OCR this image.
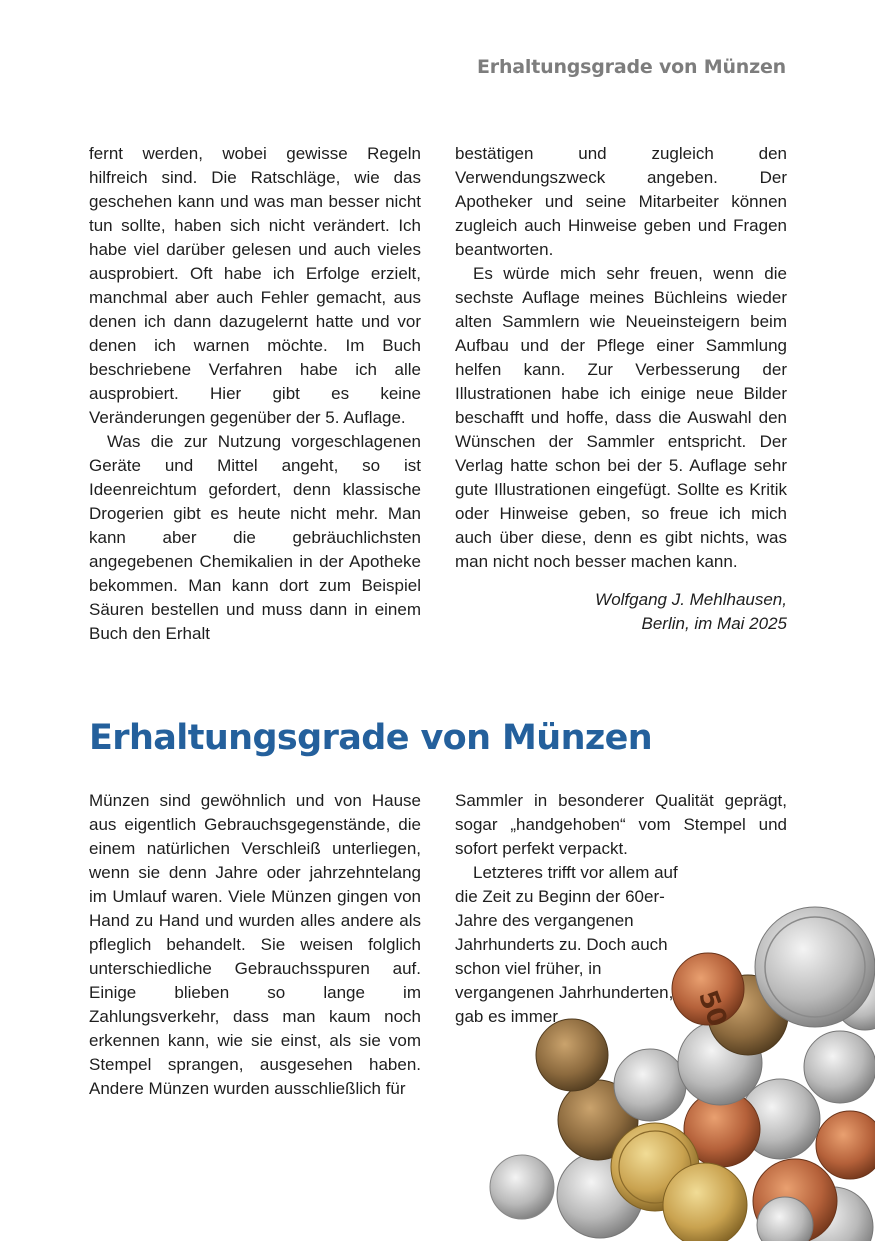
Erhaltungsgrade von Münzen

fernt werden, wobei gewisse Regeln hilfreich sind. Die Ratschläge, wie das geschehen kann und was man besser nicht tun sollte, haben sich nicht verändert. Ich habe viel darüber gelesen und auch vieles ausprobiert. Oft habe ich Erfolge erzielt, manchmal aber auch Fehler gemacht, aus denen ich dann dazugelernt hatte und vor denen ich warnen möchte. Im Buch beschriebene Verfahren habe ich alle ausprobiert. Hier gibt es keine Veränderungen gegenüber der 5. Auflage.

Was die zur Nutzung vorgeschlagenen Geräte und Mittel angeht, so ist Ideenreichtum gefordert, denn klassische Drogerien gibt es heute nicht mehr. Man kann aber die gebräuchlichsten angegebenen Chemikalien in der Apotheke bekommen. Man kann dort zum Beispiel Säuren bestellen und muss dann in einem Buch den Erhalt

bestätigen und zugleich den Verwendungszweck angeben. Der Apotheker und seine Mitarbeiter können zugleich auch Hinweise geben und Fragen beantworten.

Es würde mich sehr freuen, wenn die sechste Auflage meines Büchleins wieder alten Sammlern wie Neueinsteigern beim Aufbau und der Pflege einer Sammlung helfen kann. Zur Verbesserung der Illustrationen habe ich einige neue Bilder beschafft und hoffe, dass die Auswahl den Wünschen der Sammler entspricht. Der Verlag hatte schon bei der 5. Auflage sehr gute Illustrationen eingefügt. Sollte es Kritik oder Hinweise geben, so freue ich mich auch über diese, denn es gibt nichts, was man nicht noch besser machen kann.

Wolfgang J. Mehlhausen,
Berlin, im Mai 2025
Erhaltungsgrade von Münzen

Münzen sind gewöhnlich und von Hause aus eigentlich Gebrauchsgegenstände, die einem natürlichen Verschleiß unterliegen, wenn sie denn Jahre oder jahrzehntelang im Umlauf waren. Viele Münzen gingen von Hand zu Hand und wurden alles andere als pfleglich behandelt. Sie weisen folglich unterschiedliche Gebrauchsspuren auf. Einige blieben so lange im Zahlungsverkehr, dass man kaum noch erkennen kann, wie sie einst, als sie vom Stempel sprangen, ausgesehen haben. Andere Münzen wurden ausschließlich für

50

Sammler in besonderer Qualität geprägt, sogar „handgehoben“ vom Stempel und sofort perfekt verpackt.

Letzteres trifft vor allem auf die Zeit zu Beginn der 60er-Jahre des vergangenen Jahrhunderts zu. Doch auch schon viel früher, in vergangenen Jahrhunderten, gab es immer
